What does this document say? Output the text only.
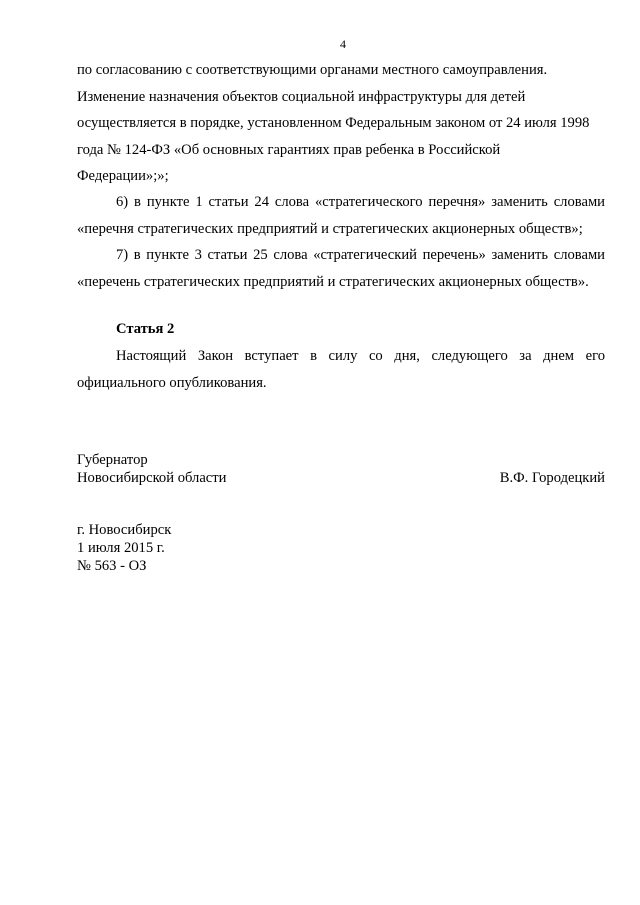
4

по согласованию с соответствующими органами местного самоуправления.

Изменение назначения объектов социальной инфраструктуры для детей

осуществляется в порядке, установленном Федеральным законом от 24 июля 1998

года № 124-ФЗ «Об основных гарантиях прав ребенка в Российской

Федерации»;»;

6) в пункте 1 статьи 24 слова «стратегического перечня» заменить словами «перечня стратегических предприятий и стратегических акционерных обществ»;

7) в пункте 3 статьи 25 слова «стратегический перечень» заменить словами «перечень стратегических предприятий и стратегических акционерных обществ».

Статья 2

Настоящий Закон вступает в силу со дня, следующего за днем его официального опубликования.

Губернатор
Новосибирской области	В.Ф. Городецкий
г. Новосибирск
1 июля 2015 г.
№ 563 - ОЗ
